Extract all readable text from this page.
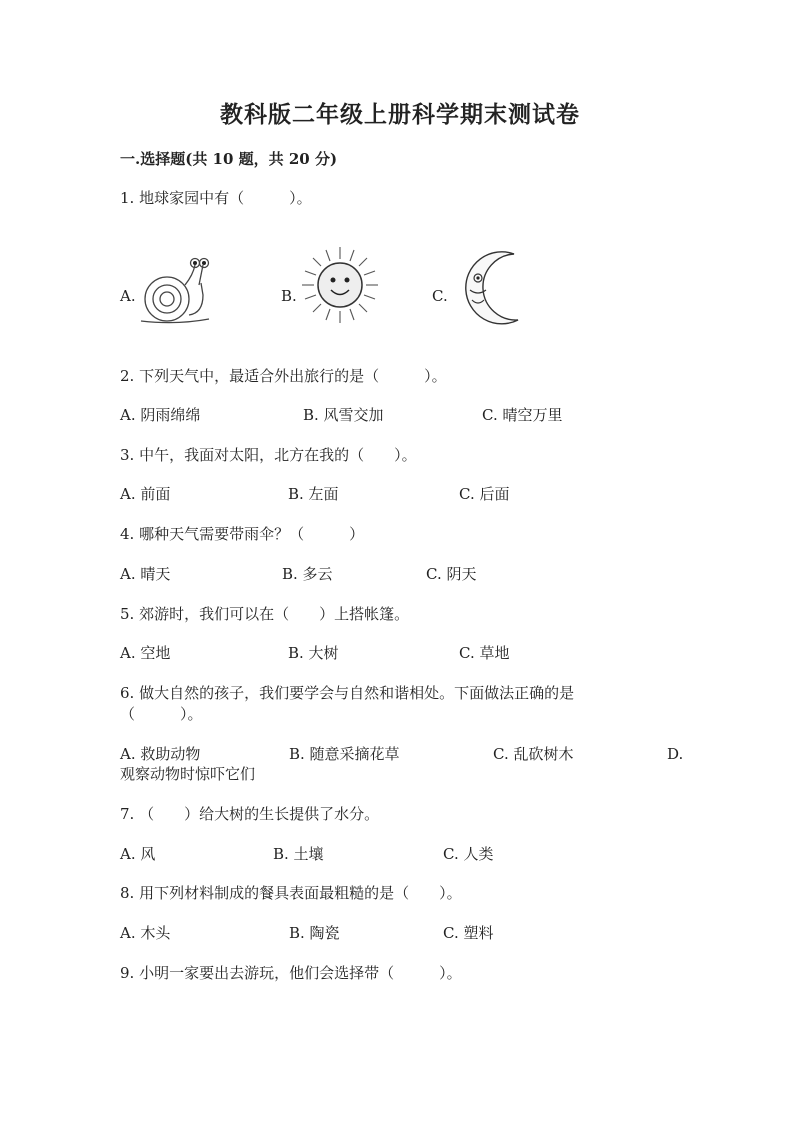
教科版二年级上册科学期末测试卷
一.选择题(共 10 题，共 20 分)
1. 地球家园中有（　　　）。
A.	B.	C.
2. 下列天气中，最适合外出旅行的是（　　　）。
A. 阴雨绵绵	B. 风雪交加	C. 晴空万里
3. 中午，我面对太阳，北方在我的（　　）。
A. 前面	B. 左面	C. 后面
4. 哪种天气需要带雨伞？（　　　）
A. 晴天	B. 多云	C. 阴天
5. 郊游时，我们可以在（　　）上搭帐篷。
A. 空地	B. 大树	C. 草地
6. 做大自然的孩子，我们要学会与自然和谐相处。下面做法正确的是
（　　　）。
A. 救助动物	B. 随意采摘花草	C. 乱砍树木	D.
观察动物时惊吓它们
7. （　　）给大树的生长提供了水分。
A. 风	B. 土壤	C. 人类
8. 用下列材料制成的餐具表面最粗糙的是（　　）。
A. 木头	B. 陶瓷	C. 塑料
9. 小明一家要出去游玩，他们会选择带（　　　）。
